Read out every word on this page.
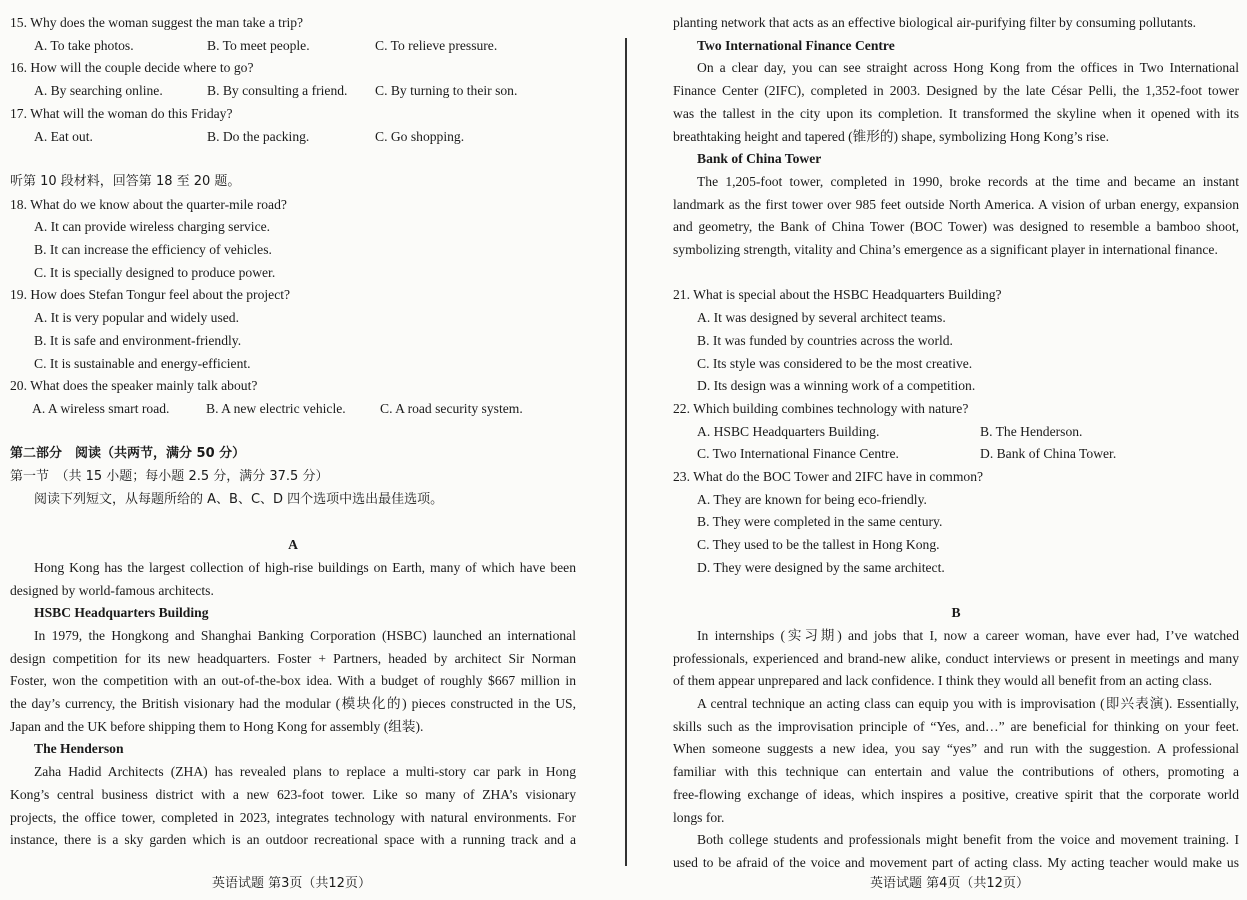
15. Why does the woman suggest the man take a trip?
A. To take photos.	B. To meet people.	C. To relieve pressure.
16. How will the couple decide where to go?
A. By searching online.	B. By consulting a friend.	C. By turning to their son.
17. What will the woman do this Friday?
A. Eat out.	B. Do the packing.	C. Go shopping.
听第 10 段材料，回答第 18 至 20 题。
18. What do we know about the quarter-mile road?
A. It can provide wireless charging service.
B. It can increase the efficiency of vehicles.
C. It is specially designed to produce power.
19. How does Stefan Tongur feel about the project?
A. It is very popular and widely used.
B. It is safe and environment-friendly.
C. It is sustainable and energy-efficient.
20. What does the speaker mainly talk about?
A. A wireless smart road.	B. A new electric vehicle.	C. A road security system.
第二部分　阅读（共两节，满分 50 分）
第一节　（共 15 小题；每小题 2.5 分，满分 37.5 分）
阅读下列短文，从每题所给的 A、B、C、D 四个选项中选出最佳选项。
A
Hong Kong has the largest collection of high-rise buildings on Earth, many of which have been
designed by world-famous architects.
HSBC Headquarters Building
In 1979, the Hongkong and Shanghai Banking Corporation (HSBC) launched an international
design competition for its new headquarters. Foster + Partners, headed by architect Sir Norman
Foster, won the competition with an out-of-the-box idea. With a budget of roughly $667 million in
the day’s currency, the British visionary had the modular (模块化的) pieces constructed in the US,
Japan and the UK before shipping them to Hong Kong for assembly (组装).
The Henderson
Zaha Hadid Architects (ZHA) has revealed plans to replace a multi-story car park in Hong
Kong’s central business district with a new 623-foot tower. Like so many of ZHA’s visionary
projects, the office tower, completed in 2023, integrates technology with natural environments. For
instance, there is a sky garden which is an outdoor recreational space with a running track and a
planting network that acts as an effective biological air-purifying filter by consuming pollutants.
Two International Finance Centre
On a clear day, you can see straight across Hong Kong from the offices in Two International
Finance Center (2IFC), completed in 2003. Designed by the late César Pelli, the 1,352-foot tower
was the tallest in the city upon its completion. It transformed the skyline when it opened with its
breathtaking height and tapered (锥形的) shape, symbolizing Hong Kong’s rise.
Bank of China Tower
The 1,205-foot tower, completed in 1990, broke records at the time and became an instant
landmark as the first tower over 985 feet outside North America. A vision of urban energy, expansion
and geometry, the Bank of China Tower (BOC Tower) was designed to resemble a bamboo shoot,
symbolizing strength, vitality and China’s emergence as a significant player in international finance.
21. What is special about the HSBC Headquarters Building?
A. It was designed by several architect teams.
B. It was funded by countries across the world.
C. Its style was considered to be the most creative.
D. Its design was a winning work of a competition.
22. Which building combines technology with nature?
A. HSBC Headquarters Building.	B. The Henderson.
C. Two International Finance Centre.	D. Bank of China Tower.
23. What do the BOC Tower and 2IFC have in common?
A. They are known for being eco-friendly.
B. They were completed in the same century.
C. They used to be the tallest in Hong Kong.
D. They were designed by the same architect.
B
In internships (实习期) and jobs that I, now a career woman, have ever had, I’ve watched
professionals, experienced and brand-new alike, conduct interviews or present in meetings and many
of them appear unprepared and lack confidence. I think they would all benefit from an acting class.
A central technique an acting class can equip you with is improvisation (即兴表演). Essentially,
skills such as the improvisation principle of “Yes, and…” are beneficial for thinking on your feet.
When someone suggests a new idea, you say “yes” and run with the suggestion. A professional
familiar with this technique can entertain and value the contributions of others, promoting a
free-flowing exchange of ideas, which inspires a positive, creative spirit that the corporate world
longs for.
Both college students and professionals might benefit from the voice and movement training. I
used to be afraid of the voice and movement part of acting class. My acting teacher would make us
英语试题 第3页（共12页）	英语试题 第4页（共12页）
